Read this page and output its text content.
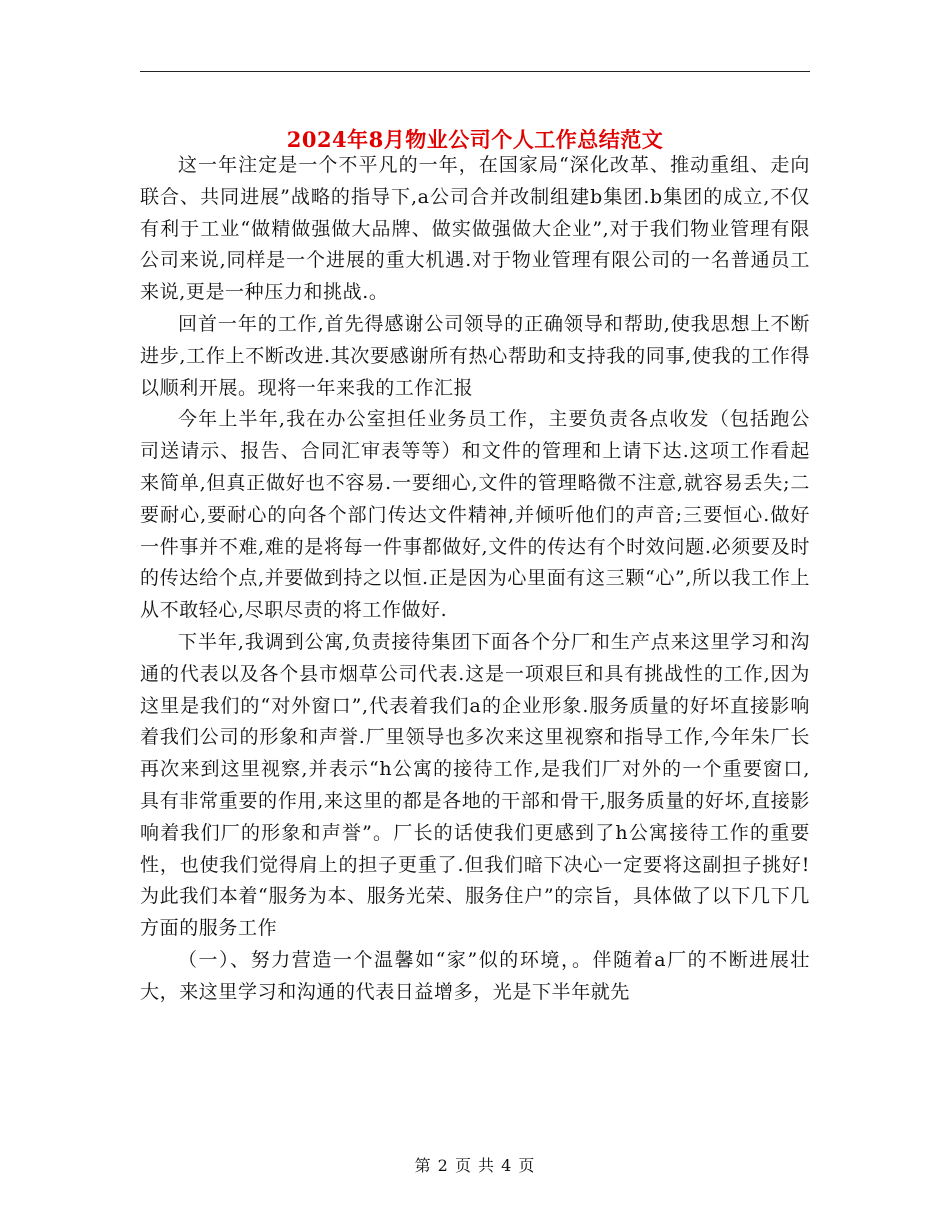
2024年8月物业公司个人工作总结范文

这一年注定是一个不平凡的一年，在国家局“深化改革、推动重组、走向联合、共同进展”战略的指导下,a公司合并改制组建b集团.b集团的成立,不仅有利于工业“做精做强做大品牌、做实做强做大企业”,对于我们物业管理有限公司来说,同样是一个进展的重大机遇.对于物业管理有限公司的一名普通员工来说,更是一种压力和挑战.。

回首一年的工作,首先得感谢公司领导的正确领导和帮助,使我思想上不断进步,工作上不断改进.其次要感谢所有热心帮助和支持我的同事,使我的工作得以顺利开展。现将一年来我的工作汇报

今年上半年,我在办公室担任业务员工作，主要负责各点收发（包括跑公司送请示、报告、合同汇审表等等）和文件的管理和上请下达.这项工作看起来简单,但真正做好也不容易.一要细心,文件的管理略微不注意,就容易丢失;二要耐心,要耐心的向各个部门传达文件精神,并倾听他们的声音;三要恒心.做好一件事并不难,难的是将每一件事都做好,文件的传达有个时效问题.必须要及时的传达给个点,并要做到持之以恒.正是因为心里面有这三颗“心”,所以我工作上从不敢轻心,尽职尽责的将工作做好.

下半年,我调到公寓,负责接待集团下面各个分厂和生产点来这里学习和沟通的代表以及各个县市烟草公司代表.这是一项艰巨和具有挑战性的工作,因为这里是我们的“对外窗口”,代表着我们a的企业形象.服务质量的好坏直接影响着我们公司的形象和声誉.厂里领导也多次来这里视察和指导工作,今年朱厂长再次来到这里视察,并表示“h公寓的接待工作,是我们厂对外的一个重要窗口,具有非常重要的作用,来这里的都是各地的干部和骨干,服务质量的好坏,直接影响着我们厂的形象和声誉”。厂长的话使我们更感到了h公寓接待工作的重要性，也使我们觉得肩上的担子更重了.但我们暗下决心一定要将这副担子挑好!为此我们本着“服务为本、服务光荣、服务住户”的宗旨，具体做了以下几下几方面的服务工作

（一）、努力营造一个温馨如“家”似的环境，。伴随着a厂的不断进展壮大，来这里学习和沟通的代表日益增多，光是下半年就先

第 2 页 共 4 页
